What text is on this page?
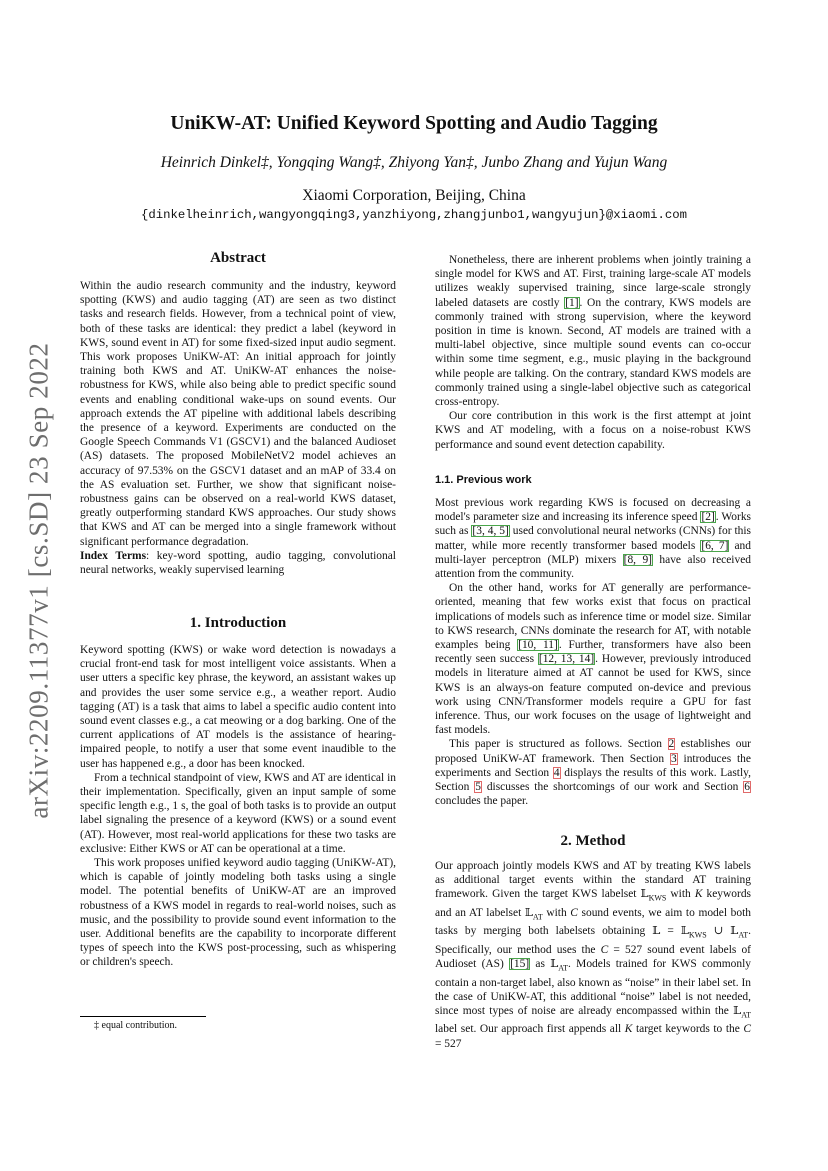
arXiv:2209.11377v1 [cs.SD] 23 Sep 2022
UniKW-AT: Unified Keyword Spotting and Audio Tagging
Heinrich Dinkel‡, Yongqing Wang‡, Zhiyong Yan‡, Junbo Zhang and Yujun Wang
Xiaomi Corporation, Beijing, China
{dinkelheinrich,wangyongqing3,yanzhiyong,zhangjunbo1,wangyujun}@xiaomi.com
Abstract

Within the audio research community and the industry, keyword spotting (KWS) and audio tagging (AT) are seen as two distinct tasks and research fields. However, from a technical point of view, both of these tasks are identical: they predict a label (keyword in KWS, sound event in AT) for some fixed-sized input audio segment. This work proposes UniKW-AT: An initial approach for jointly training both KWS and AT. UniKW-AT enhances the noise-robustness for KWS, while also being able to predict specific sound events and enabling conditional wake-ups on sound events. Our approach extends the AT pipeline with additional labels describing the presence of a keyword. Experiments are conducted on the Google Speech Commands V1 (GSCV1) and the balanced Audioset (AS) datasets. The proposed MobileNetV2 model achieves an accuracy of 97.53% on the GSCV1 dataset and an mAP of 33.4 on the AS evaluation set. Further, we show that significant noise-robustness gains can be observed on a real-world KWS dataset, greatly outperforming standard KWS approaches. Our study shows that KWS and AT can be merged into a single framework without significant performance degradation.

Index Terms: key-word spotting, audio tagging, convolutional neural networks, weakly supervised learning

1. Introduction

Keyword spotting (KWS) or wake word detection is nowadays a crucial front-end task for most intelligent voice assistants. When a user utters a specific key phrase, the keyword, an assistant wakes up and provides the user some service e.g., a weather report. Audio tagging (AT) is a task that aims to label a specific audio content into sound event classes e.g., a cat meowing or a dog barking. One of the current applications of AT models is the assistance of hearing-impaired people, to notify a user that some event inaudible to the user has happened e.g., a door has been knocked.

From a technical standpoint of view, KWS and AT are identical in their implementation. Specifically, given an input sample of some specific length e.g., 1 s, the goal of both tasks is to provide an output label signaling the presence of a keyword (KWS) or a sound event (AT). However, most real-world applications for these two tasks are exclusive: Either KWS or AT can be operational at a time.

This work proposes unified keyword audio tagging (UniKW-AT), which is capable of jointly modeling both tasks using a single model. The potential benefits of UniKW-AT are an improved robustness of a KWS model in regards to real-world noises, such as music, and the possibility to provide sound event information to the user. Additional benefits are the capability to incorporate different types of speech into the KWS post-processing, such as whispering or children's speech.

‡ equal contribution.

Nonetheless, there are inherent problems when jointly training a single model for KWS and AT. First, training large-scale AT models utilizes weakly supervised training, since large-scale strongly labeled datasets are costly [1]. On the contrary, KWS models are commonly trained with strong supervision, where the keyword position in time is known. Second, AT models are trained with a multi-label objective, since multiple sound events can co-occur within some time segment, e.g., music playing in the background while people are talking. On the contrary, standard KWS models are commonly trained using a single-label objective such as categorical cross-entropy.

Our core contribution in this work is the first attempt at joint KWS and AT modeling, with a focus on a noise-robust KWS performance and sound event detection capability.

1.1. Previous work

Most previous work regarding KWS is focused on decreasing a model's parameter size and increasing its inference speed [2]. Works such as [3, 4, 5] used convolutional neural networks (CNNs) for this matter, while more recently transformer based models [6, 7] and multi-layer perceptron (MLP) mixers [8, 9] have also received attention from the community.

On the other hand, works for AT generally are performance-oriented, meaning that few works exist that focus on practical implications of models such as inference time or model size. Similar to KWS research, CNNs dominate the research for AT, with notable examples being [10, 11]. Further, transformers have also been recently seen success [12, 13, 14]. However, previously introduced models in literature aimed at AT cannot be used for KWS, since KWS is an always-on feature computed on-device and previous work using CNN/Transformer models require a GPU for fast inference. Thus, our work focuses on the usage of lightweight and fast models.

This paper is structured as follows. Section 2 establishes our proposed UniKW-AT framework. Then Section 3 introduces the experiments and Section 4 displays the results of this work. Lastly, Section 5 discusses the shortcomings of our work and Section 6 concludes the paper.

2. Method

Our approach jointly models KWS and AT by treating KWS labels as additional target events within the standard AT training framework. Given the target KWS labelset 𝕃$_{KWS}$ with K keywords and an AT labelset 𝕃$_{AT}$ with C sound events, we aim to model both tasks by merging both labelsets obtaining 𝕃 = 𝕃$_{KWS}$ ∪ 𝕃$_{AT}$. Specifically, our method uses the C = 527 sound event labels of Audioset (AS) [15] as 𝕃$_{AT}$. Models trained for KWS commonly contain a non-target label, also known as “noise” in their label set. In the case of UniKW-AT, this additional “noise” label is not needed, since most types of noise are already encompassed within the 𝕃$_{AT}$ label set. Our approach first appends all K target keywords to the C = 527
